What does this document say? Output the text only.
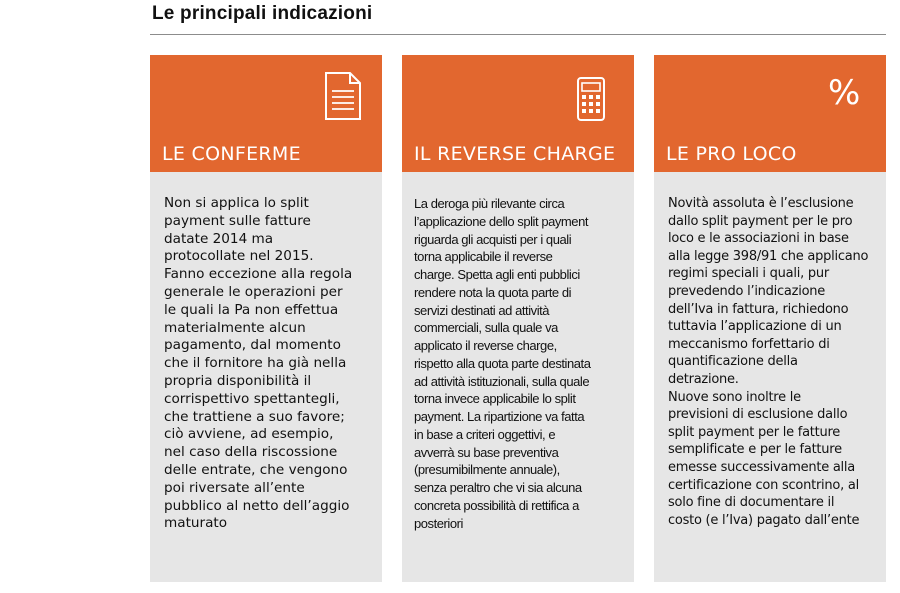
Le principali indicazioni
LE CONFERME

Non si applica lo split
payment sulle fatture
datate 2014 ma
protocollate nel 2015.
Fanno eccezione alla regola
generale le operazioni per
le quali la Pa non effettua
materialmente alcun
pagamento, dal momento
che il fornitore ha già nella
propria disponibilità il
corrispettivo spettantegli,
che trattiene a suo favore;
ciò avviene, ad esempio,
nel caso della riscossione
delle entrate, che vengono
poi riversate all’ente
pubblico al netto dell’aggio
maturato

IL REVERSE CHARGE

La deroga più rilevante circa
l’applicazione dello split payment
riguarda gli acquisti per i quali
torna applicabile il reverse
charge. Spetta agli enti pubblici
rendere nota la quota parte di
servizi destinati ad attività
commerciali, sulla quale va
applicato il reverse charge,
rispetto alla quota parte destinata
ad attività istituzionali, sulla quale
torna invece applicabile lo split
payment. La ripartizione va fatta
in base a criteri oggettivi, e
avverrà su base preventiva
(presumibilmente annuale),
senza peraltro che vi sia alcuna
concreta possibilità di rettifica a
posteriori

%
LE PRO LOCO

Novità assoluta è l’esclusione
dallo split payment per le pro
loco e le associazioni in base
alla legge 398/91 che applicano
regimi speciali i quali, pur
prevedendo l’indicazione
dell’Iva in fattura, richiedono
tuttavia l’applicazione di un
meccanismo forfettario di
quantificazione della
detrazione.
Nuove sono inoltre le
previsioni di esclusione dallo
split payment per le fatture
semplificate e per le fatture
emesse successivamente alla
certificazione con scontrino, al
solo fine di documentare il
costo (e l’Iva) pagato dall’ente
